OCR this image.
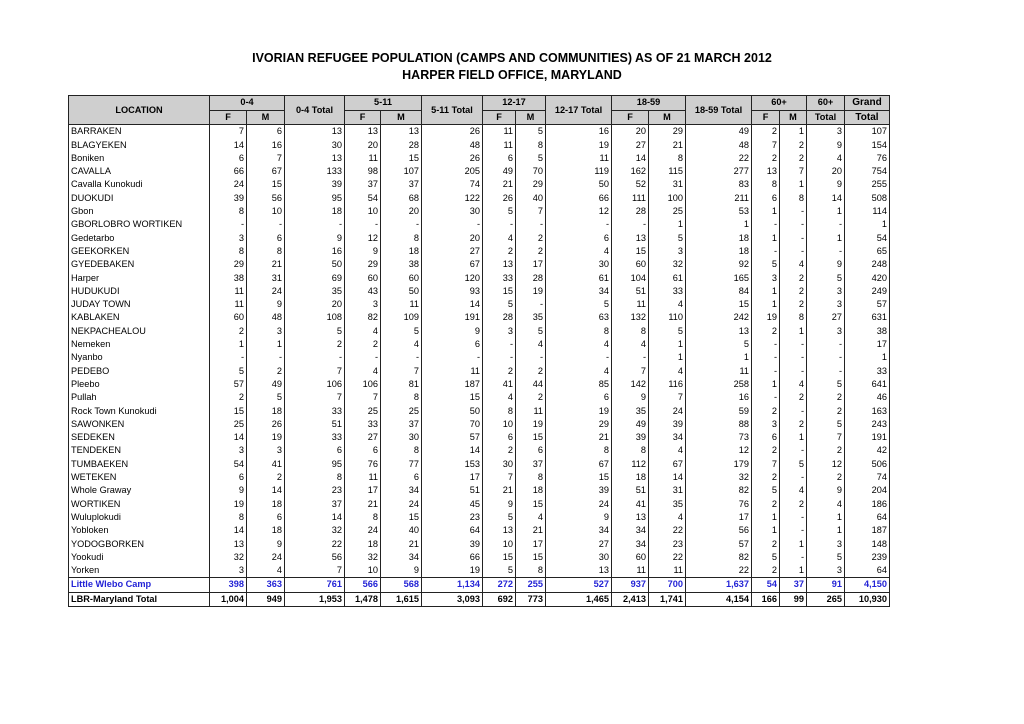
IVORIAN REFUGEE POPULATION (CAMPS AND COMMUNITIES) AS OF 21 MARCH 2012
HARPER FIELD OFFICE, MARYLAND
LOCATION	0-4		0-4 Total	5-11		5-11 Total	12-17		12-17 Total	18-59		18-59 Total	60+		60+	Grand
	F	M		F	M		F	M		F	M		F	M	Total	Total
BARRAKEN	7	6	13	13	13	26	11	5	16	20	29	49	2	1	3	107
BLAGYEKEN	14	16	30	20	28	48	11	8	19	27	21	48	7	2	9	154
Boniken	6	7	13	11	15	26	6	5	11	14	8	22	2	2	4	76
CAVALLA	66	67	133	98	107	205	49	70	119	162	115	277	13	7	20	754
Cavalla Kunokudi	24	15	39	37	37	74	21	29	50	52	31	83	8	1	9	255
DUOKUDI	39	56	95	54	68	122	26	40	66	111	100	211	6	8	14	508
Gbon	8	10	18	10	20	30	5	7	12	28	25	53	1	-	1	114
GBORLOBRO WORTIKEN	-	-	-	-	-	-	-	-	-	-	1	1	-	-	-	1
Gedetarbo	3	6	9	12	8	20	4	2	6	13	5	18	1	-	1	54
GEEKORKEN	8	8	16	9	18	27	2	2	4	15	3	18	-	-	-	65
GYEDEBAKEN	29	21	50	29	38	67	13	17	30	60	32	92	5	4	9	248
Harper	38	31	69	60	60	120	33	28	61	104	61	165	3	2	5	420
HUDUKUDI	11	24	35	43	50	93	15	19	34	51	33	84	1	2	3	249
JUDAY TOWN	11	9	20	3	11	14	5	-	5	11	4	15	1	2	3	57
KABLAKEN	60	48	108	82	109	191	28	35	63	132	110	242	19	8	27	631
NEKPACHEALOU	2	3	5	4	5	9	3	5	8	8	5	13	2	1	3	38
Nemeken	1	1	2	2	4	6	-	4	4	4	1	5	-	-	-	17
Nyanbo	-	-	-	-	-	-	-	-	-	-	1	1	-	-	-	1
PEDEBO	5	2	7	4	7	11	2	2	4	7	4	11	-	-	-	33
Pleebo	57	49	106	106	81	187	41	44	85	142	116	258	1	4	5	641
Pullah	2	5	7	7	8	15	4	2	6	9	7	16	-	2	2	46
Rock Town Kunokudi	15	18	33	25	25	50	8	11	19	35	24	59	2	-	2	163
SAWONKEN	25	26	51	33	37	70	10	19	29	49	39	88	3	2	5	243
SEDEKEN	14	19	33	27	30	57	6	15	21	39	34	73	6	1	7	191
TENDEKEN	3	3	6	6	8	14	2	6	8	8	4	12	2	-	2	42
TUMBAEKEN	54	41	95	76	77	153	30	37	67	112	67	179	7	5	12	506
WETEKEN	6	2	8	11	6	17	7	8	15	18	14	32	2	-	2	74
Whole Graway	9	14	23	17	34	51	21	18	39	51	31	82	5	4	9	204
WORTIKEN	19	18	37	21	24	45	9	15	24	41	35	76	2	2	4	186
Wuluplokudi	8	6	14	8	15	23	5	4	9	13	4	17	1	-	1	64
Yobloken	14	18	32	24	40	64	13	21	34	34	22	56	1	-	1	187
YODOGBORKEN	13	9	22	18	21	39	10	17	27	34	23	57	2	1	3	148
Yookudi	32	24	56	32	34	66	15	15	30	60	22	82	5	-	5	239
Yorken	3	4	7	10	9	19	5	8	13	11	11	22	2	1	3	64
Little Wlebo Camp	398	363	761	566	568	1,134	272	255	527	937	700	1,637	54	37	91	4,150
LBR-Maryland Total	1,004	949	1,953	1,478	1,615	3,093	692	773	1,465	2,413	1,741	4,154	166	99	265	10,930
